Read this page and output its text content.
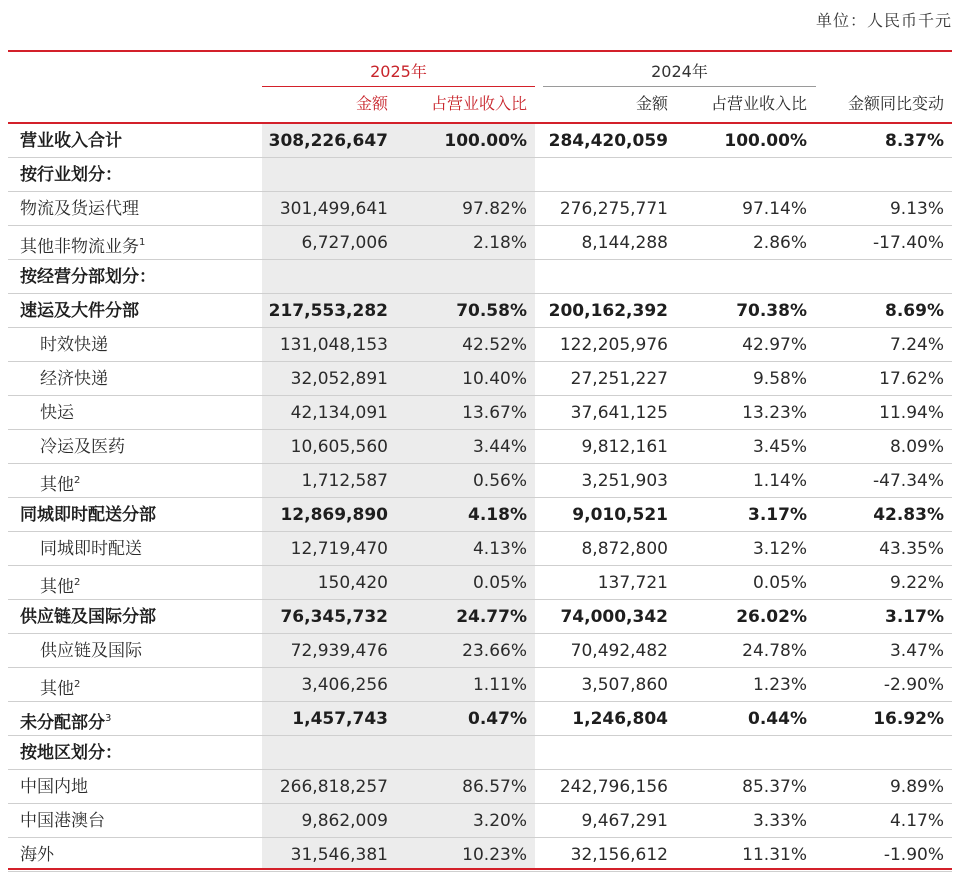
单位：人民币千元
2025年	2024年
金额	占营业收入比	金额	占营业收入比	金额同比变动
营业收入合计	308,226,647	100.00%	284,420,059	100.00%	8.37%
按行业划分：
物流及货运代理	301,499,641	97.82%	276,275,771	97.14%	9.13%
其他非物流业务$^1$	6,727,006	2.18%	8,144,288	2.86%	-17.40%
按经营分部划分：
速运及大件分部	217,553,282	70.58%	200,162,392	70.38%	8.69%
时效快递	131,048,153	42.52%	122,205,976	42.97%	7.24%
经济快递	32,052,891	10.40%	27,251,227	9.58%	17.62%
快运	42,134,091	13.67%	37,641,125	13.23%	11.94%
冷运及医药	10,605,560	3.44%	9,812,161	3.45%	8.09%
其他$^2$	1,712,587	0.56%	3,251,903	1.14%	-47.34%
同城即时配送分部	12,869,890	4.18%	9,010,521	3.17%	42.83%
同城即时配送	12,719,470	4.13%	8,872,800	3.12%	43.35%
其他$^2$	150,420	0.05%	137,721	0.05%	9.22%
供应链及国际分部	76,345,732	24.77%	74,000,342	26.02%	3.17%
供应链及国际	72,939,476	23.66%	70,492,482	24.78%	3.47%
其他$^2$	3,406,256	1.11%	3,507,860	1.23%	-2.90%
未分配部分$^3$	1,457,743	0.47%	1,246,804	0.44%	16.92%
按地区划分：
中国内地	266,818,257	86.57%	242,796,156	85.37%	9.89%
中国港澳台	9,862,009	3.20%	9,467,291	3.33%	4.17%
海外	31,546,381	10.23%	32,156,612	11.31%	-1.90%
